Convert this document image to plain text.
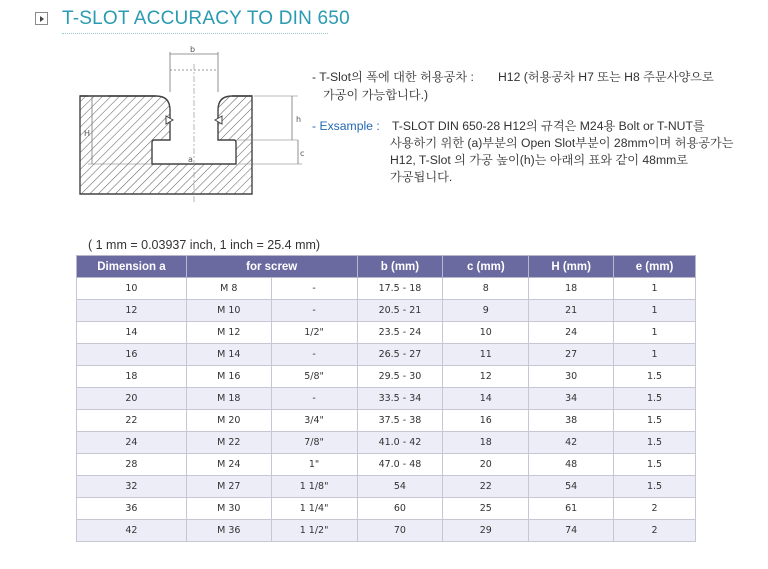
T-SLOT ACCURACY TO DIN 650
b
a
H
h
c
- T-Slot의 폭에 대한 허용공차 : H12 (허용공차 H7 또는 H8 주문사양으로
가공이 가능합니다.)
- Exsample : T-SLOT DIN 650-28 H12의 규격은 M24용 Bolt or T-NUT를
사용하기 위한 (a)부분의 Open Slot부분이 28mm이며 허용공가는
H12, T-Slot 의 가공 높이(h)는 아래의 표와 같이 48mm로
가공됩니다.
( 1 mm = 0.03937 inch, 1 inch = 25.4 mm)
Dimension a	for screw		b (mm)	c (mm)	H (mm)	e (mm)
10	M 8	-	17.5 - 18	8	18	1
12	M 10	-	20.5 - 21	9	21	1
14	M 12	1/2"	23.5 - 24	10	24	1
16	M 14	-	26.5 - 27	11	27	1
18	M 16	5/8"	29.5 - 30	12	30	1.5
20	M 18	-	33.5 - 34	14	34	1.5
22	M 20	3/4"	37.5 - 38	16	38	1.5
24	M 22	7/8"	41.0 - 42	18	42	1.5
28	M 24	1"	47.0 - 48	20	48	1.5
32	M 27	1 1/8"	54	22	54	1.5
36	M 30	1 1/4"	60	25	61	2
42	M 36	1 1/2"	70	29	74	2
